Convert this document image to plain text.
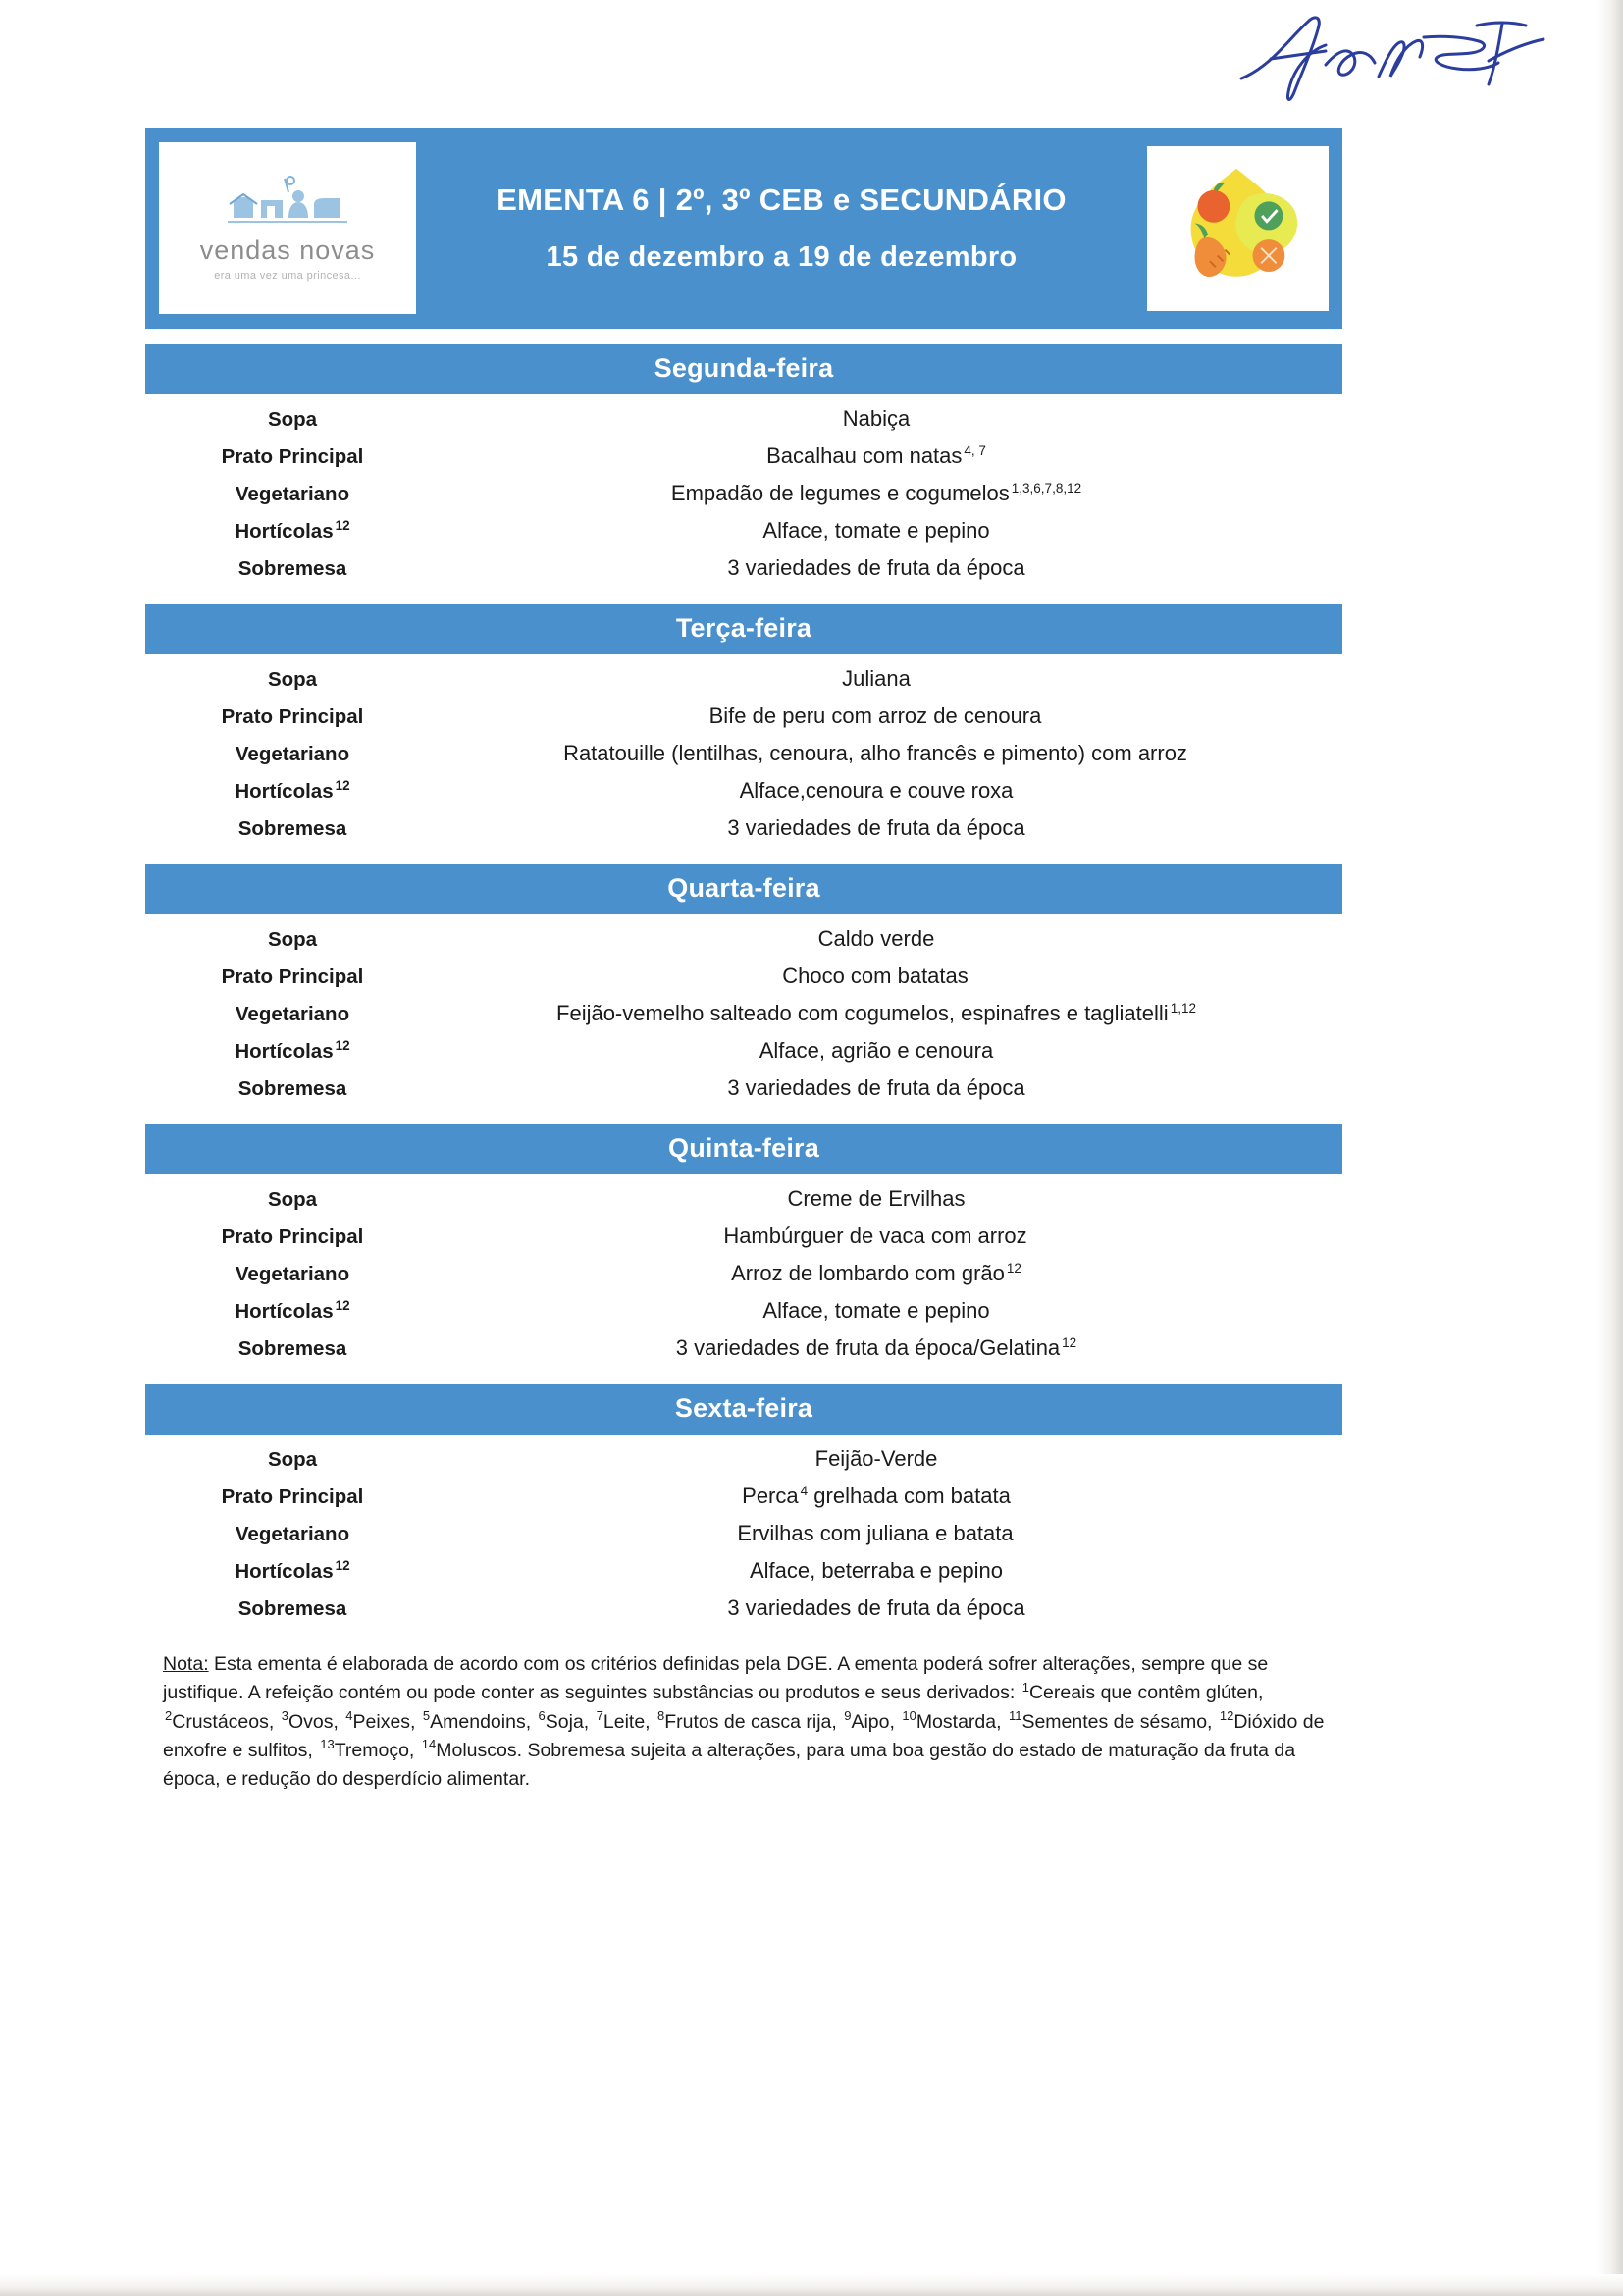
vendas novas
era uma vez uma princesa...
EMENTA 6 | 2º, 3º CEB e SECUNDÁRIO
15 de dezembro a 19 de dezembro
Segunda-feira
Sopa	Nabiça
Prato Principal	Bacalhau com natas $^{4, 7}$
Vegetariano	Empadão de legumes e cogumelos $^{1,3,6,7,8,12}$
Hortícolas $^{12}$	Alface, tomate e pepino
Sobremesa	3 variedades de fruta da época
Terça-feira
Sopa	Juliana
Prato Principal	Bife de peru com arroz de cenoura
Vegetariano	Ratatouille (lentilhas, cenoura, alho francês e pimento) com arroz
Hortícolas $^{12}$	Alface,cenoura e couve roxa
Sobremesa	3 variedades de fruta da época
Quarta-feira
Sopa	Caldo verde
Prato Principal	Choco com batatas
Vegetariano	Feijão-vemelho salteado com cogumelos, espinafres e tagliatelli $^{1,12}$
Hortícolas $^{12}$	Alface, agrião e cenoura
Sobremesa	3 variedades de fruta da época
Quinta-feira
Sopa	Creme de Ervilhas
Prato Principal	Hambúrguer de vaca com arroz
Vegetariano	Arroz de lombardo com grão $^{12}$
Hortícolas $^{12}$	Alface, tomate e pepino
Sobremesa	3 variedades de fruta da época/Gelatina $^{12}$
Sexta-feira
Sopa	Feijão-Verde
Prato Principal	Perca $^4$ grelhada com batata
Vegetariano	Ervilhas com juliana e batata
Hortícolas $^{12}$	Alface, beterraba e pepino
Sobremesa	3 variedades de fruta da época
Nota: Esta ementa é elaborada de acordo com os critérios definidas pela DGE. A ementa poderá sofrer alterações, sempre que se justifique. A refeição contém ou pode conter as seguintes substâncias ou produtos e seus derivados: $^1$Cereais que contêm glúten, $^2$Crustáceos, $^3$Ovos, $^4$Peixes, $^5$Amendoins, $^6$Soja, $^7$Leite, $^8$Frutos de casca rija, $^9$Aipo, $^{10}$Mostarda, $^{11}$Sementes de sésamo, $^{12}$Dióxido de enxofre e sulfitos, $^{13}$Tremoço, $^{14}$Moluscos. Sobremesa sujeita a alterações, para uma boa gestão do estado de maturação da fruta da época, e redução do desperdício alimentar.
